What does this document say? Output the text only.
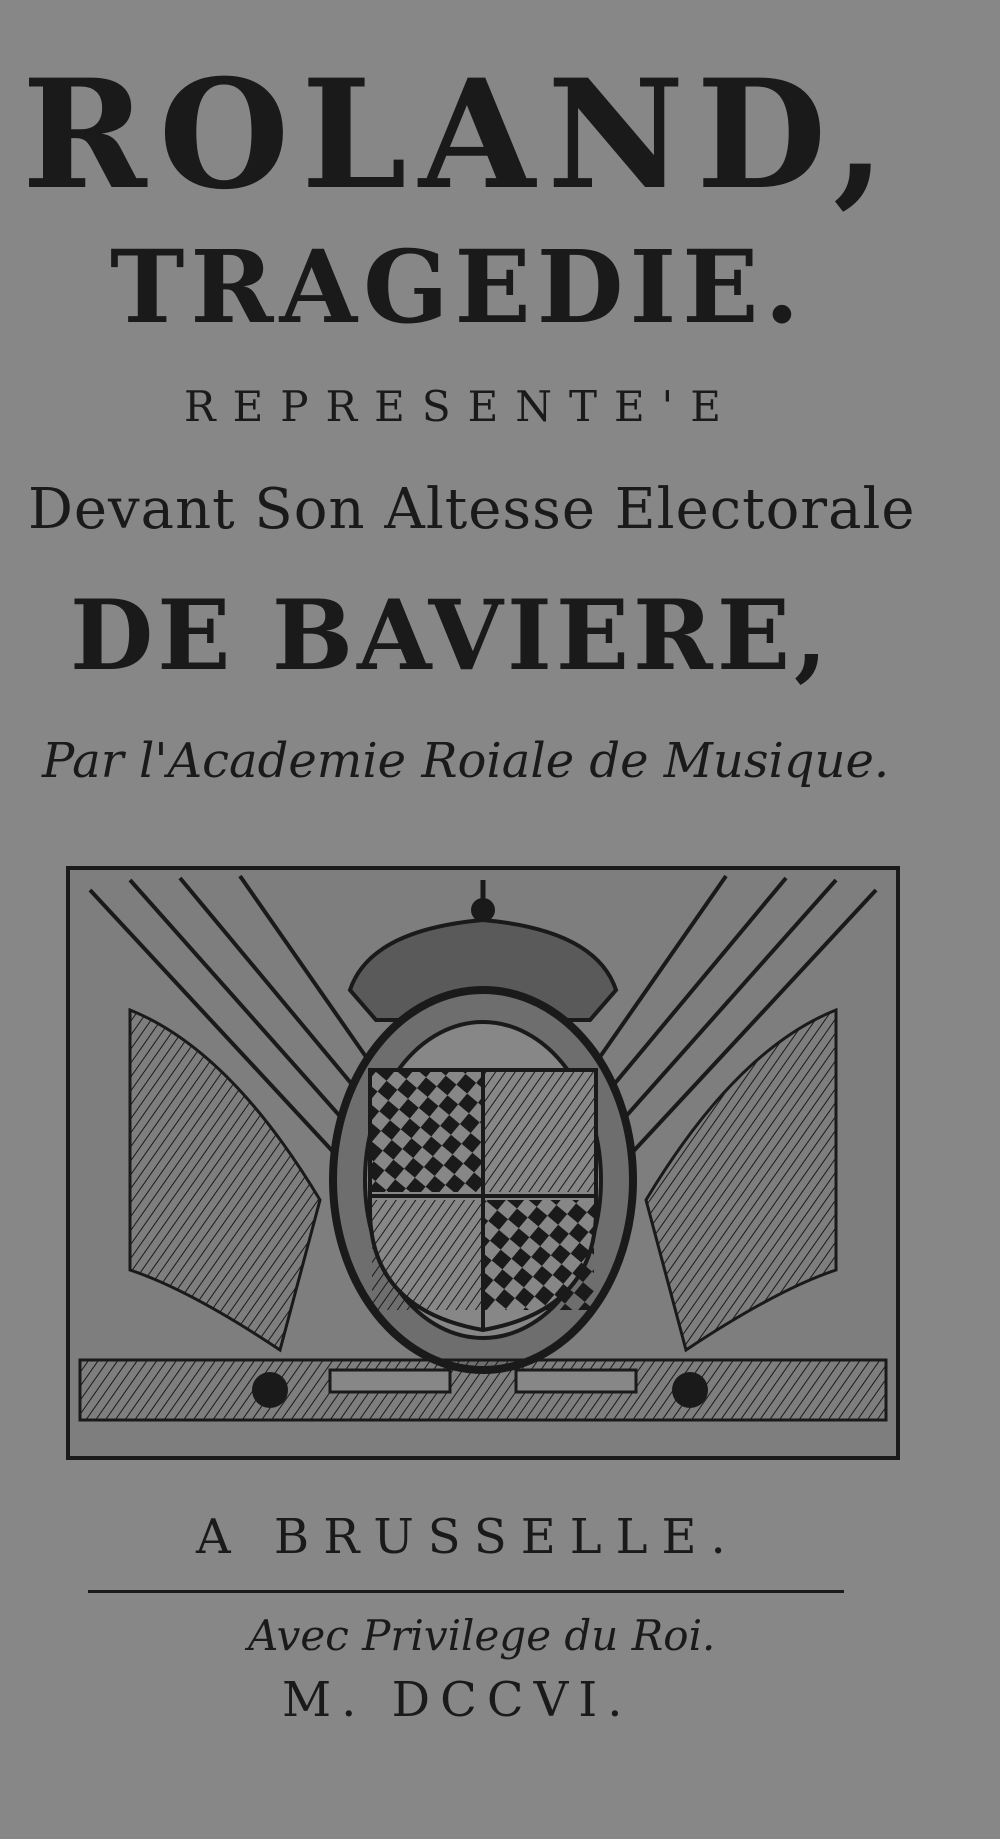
ROLAND,
TRAGEDIE.
REPRESENTE'E
Devant Son Altesse Electorale
DE BAVIERE,
Par l'Academie Roiale de Musique.
A BRUSSELLE.
Avec Privilege du Roi.
M. DCCVI.
